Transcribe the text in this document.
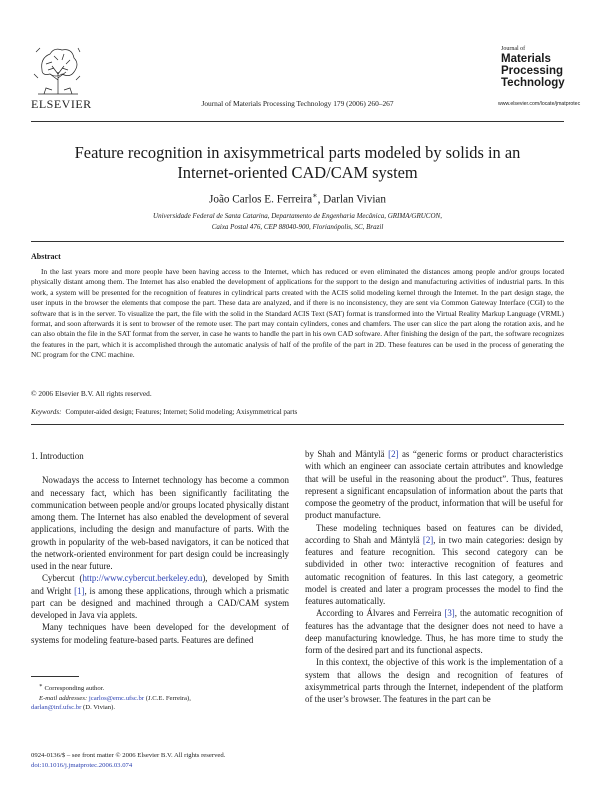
ELSEVIER	Journal of Materials Processing Technology 179 (2006) 260–267
Journal of
Materials
Processing
Technology
www.elsevier.com/locate/jmatprotec
Feature recognition in axisymmetrical parts modeled by solids in an
Internet-oriented CAD/CAM system
João Carlos E. Ferreira∗, Darlan Vivian
Universidade Federal de Santa Catarina, Departamento de Engenharia Mecânica, GRIMA/GRUCON,
Caixa Postal 476, CEP 88040-900, Florianópolis, SC, Brazil
Abstract
In the last years more and more people have been having access to the Internet, which has reduced or even eliminated the distances among people and/or groups located physically distant among them. The Internet has also enabled the development of applications for the support to the design and manufacturing activities of industrial parts. In this work, a system will be presented for the recognition of features in cylindrical parts created with the ACIS solid modeling kernel through the Internet. In the part design stage, the user inputs in the browser the elements that compose the part. These data are analyzed, and if there is no inconsistency, they are sent via Common Gateway Interface (CGI) to the software that is in the server. To visualize the part, the file with the solid in the Standard ACIS Text (SAT) format is transformed into the Virtual Reality Markup Language (VRML) format, and soon afterwards it is sent to browser of the remote user. The part may contain cylinders, cones and chamfers. The user can slice the part along the rotation axis, and he can also obtain the file in the SAT format from the server, in case he wants to handle the part in his own CAD software. After finishing the design of the part, the software recognizes the features in the part, which it is accomplished through the automatic analysis of half of the profile of the part in 2D. These features can be used in the process of generating the NC program for the CNC machine.
© 2006 Elsevier B.V. All rights reserved.
Keywords: Computer-aided design; Features; Internet; Solid modeling; Axisymmetrical parts

1. Introduction

Nowadays the access to Internet technology has become a common and necessary fact, which has been significantly facilitating the communication between people and/or groups located physically distant among them. The Internet has also enabled the development of several applications, including the design and manufacture of parts. With the growth in popularity of the web-based navigators, it can be noticed that the network-oriented environment for part design could be increasingly used in the near future.

Cybercut (http://www.cybercut.berkeley.edu), developed by Smith and Wright [1], is among these applications, through which a prismatic part can be designed and machined through a CAD/CAM system developed in Java via applets.

Many techniques have been developed for the development of systems for modeling feature-based parts. Features are defined

by Shah and Mäntylä [2] as “generic forms or product characteristics with which an engineer can associate certain attributes and knowledge that will be useful in the reasoning about the product”. Thus, features represent a significant encapsulation of information about the parts that compose the geometry of the product, information that will be useful for product manufacture.

These modeling techniques based on features can be divided, according to Shah and Mäntylä [2], in two main categories: design by features and feature recognition. This second category can be subdivided in other two: interactive recognition of features and automatic recognition of features. In this last category, a geometric model is created and later a program processes the model to find the features automatically.

According to Álvares and Ferreira [3], the automatic recognition of features has the advantage that the designer does not need to have a deep manufacturing knowledge. Thus, he has more time to study the form of the desired part and its functional aspects.

In this context, the objective of this work is the implementation of a system that allows the design and recognition of features of axisymmetrical parts through the Internet, independent of the platform of the user’s browser. The features in the part can be

∗ Corresponding author.
E-mail addresses: jcarlos@emc.ufsc.br (J.C.E. Ferreira),
darlan@inf.ufsc.br (D. Vivian).
0924-0136/$ – see front matter © 2006 Elsevier B.V. All rights reserved.
doi:10.1016/j.jmatprotec.2006.03.074
